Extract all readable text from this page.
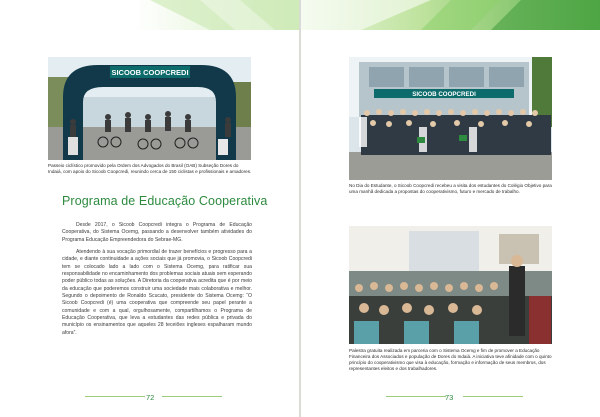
SICOOB COOPCREDI
Passeio ciclístico promovido pela Ordem dos Advogados do Brasil (OAB) Subseção Dores do Indaiá, com apoio do Sicoob Coopcredi, reunindo cerca de 150 ciclistas e profissionais e amadores.
Programa de Educação Cooperativa

Desde 2017, o Sicoob Coopcredi integra o Programa de Educação Cooperativa, do Sistema Ocemg, passando a desenvolver também atividades do Programa Educação Empreendedora do Sebrae-MG.

Atendendo à sua vocação primordial de trazer benefícios e progresso para a cidade, e diante continuidade a ações sociais que já promovia, o Sicoob Coopcredi tem se colocado lado a lado com o Sistema Ocemg, para ratificar sua responsabilidade no encaminhamento dos problemas sociais atuais sem esperando poder público todas as soluções. A Diretoria da cooperativa acredita que é por meio da educação que poderemos construir uma sociedade mais colaborativa e melhor. Segundo o depoimento de Ronaldo Scucato, presidente do Sistema Ocemg: “O Sicoob Coopcredi (é) uma cooperativa que compreende seu papel perante a comunidade e com a qual, orgulhosamente, compartilhamos o Programa de Educação Cooperativa, que leva a estudantes das redes pública e privada do município os ensinamentos que aqueles 28 teceiões ingleses espalharam mundo afora”.

72
SICOOB COOPCREDI
No Dia do Estudante, o Sicoob Coopcredi recebeu a visita dos estudantes do Colégio Objetivo para uma manhã dedicada a propostas do cooperativismo, futuro e mercado de trabalho.
Palestra gratuita realizada em parceria com o Sistema Ocemg e fim de promover a Educação Financeira dos Associados e população de Dores do Indaiá. A iniciativa teve afinidade com o quinto princípio do cooperativismo que visa à educação, formação e informação de seus membros, dos representantes eleitos e dos trabalhadores.
73
